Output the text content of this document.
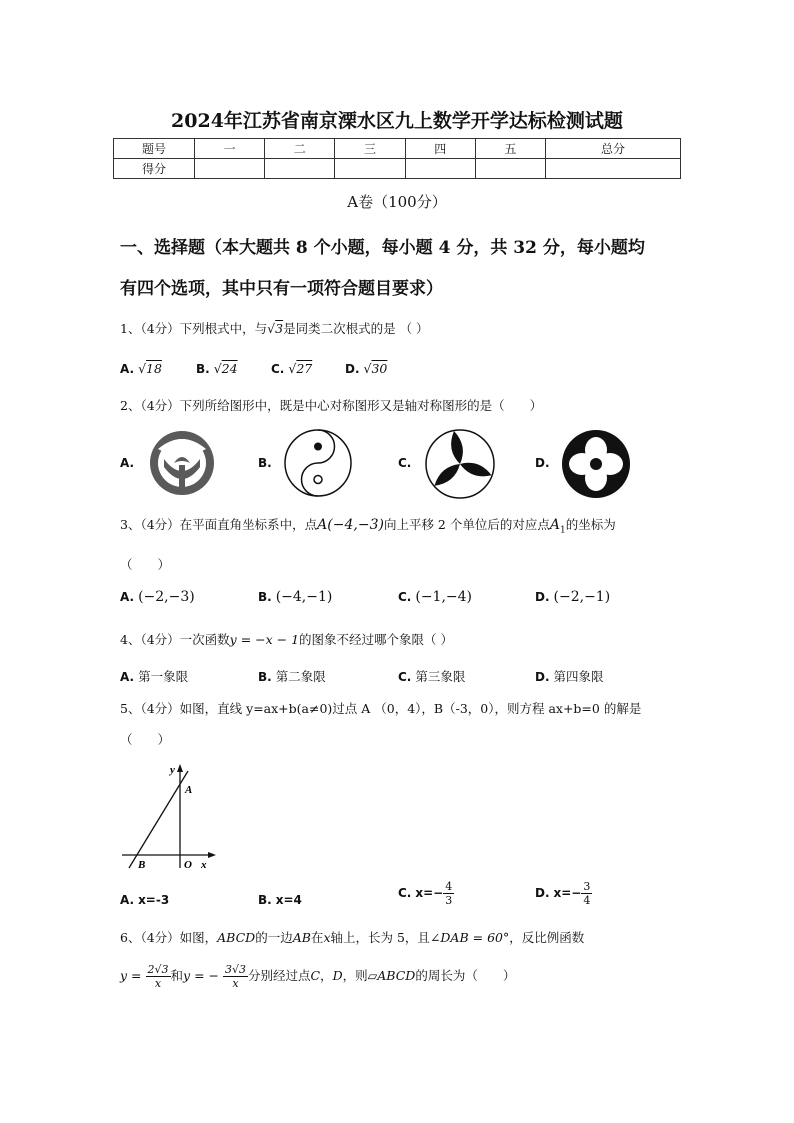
2024年江苏省南京溧水区九上数学开学达标检测试题
题号	一	二	三	四	五	总分
得分						
A卷（100分）
一、选择题（本大题共 8 个小题，每小题 4 分，共 32 分，每小题均
有四个选项，其中只有一项符合题目要求）
1、（4分）下列根式中，与√3是同类二次根式的是 （ ）
A. √18	B. √24	C. √27	D. √30
2、（4分）下列所给图形中，既是中心对称图形又是轴对称图形的是（　　）
A.	B.	C.	D.
3、（4分）在平面直角坐标系中，点A(−4,−3)向上平移 2 个单位后的对应点$A_1$的坐标为
（　　）
A. (−2,−3)	B. (−4,−1)	C. (−1,−4)	D. (−2,−1)
4、（4分）一次函数y = −x − 1的图象不经过哪个象限（ ）
A. 第一象限	B. 第二象限	C. 第三象限	D. 第四象限
5、（4分）如图，直线 y=ax+b(a≠0)过点 A （0，4），B（-3，0），则方程 ax+b=0 的解是
（　　）
y
A
B	O x
A. x=-3	B. x=4	C. $x=- \frac{4}{3}$	D. $x=- \frac{3}{4}$
6、（4分）如图，ABCD的一边AB在x轴上，长为 5，且∠DAB = 60°，反比例函数
$y = \frac{2√3}{x}$ 和y = − $\frac{3√3}{x}$ 分别经过点C，D，则▱ABCD的周长为（　　）
